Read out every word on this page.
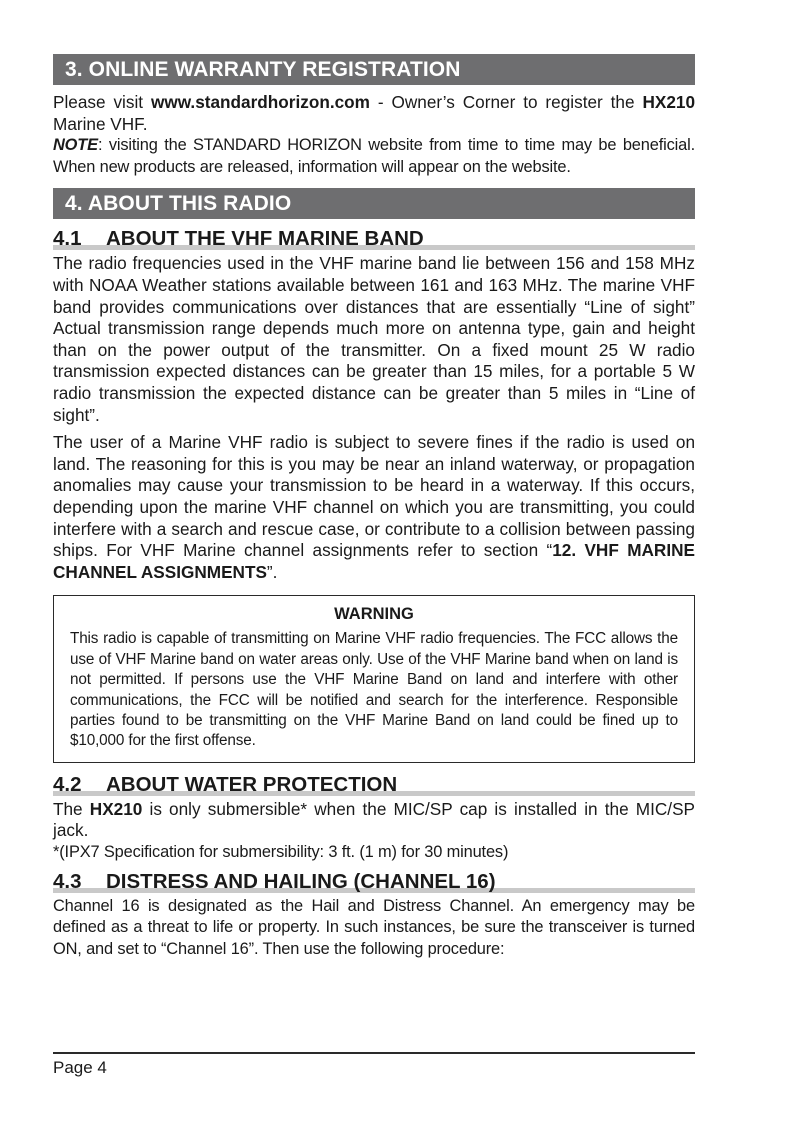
3. ONLINE WARRANTY REGISTRATION

Please visit www.standardhorizon.com - Owner’s Corner to register the HX210 Marine VHF.

NOTE: visiting the STANDARD HORIZON website from time to time may be beneficial. When new products are released, information will appear on the website.

4. ABOUT THIS RADIO
4.1 ABOUT THE VHF MARINE BAND

The radio frequencies used in the VHF marine band lie between 156 and 158 MHz with NOAA Weather stations available between 161 and 163 MHz. The marine VHF band provides communications over distances that are essentially “Line of sight” Actual transmission range depends much more on antenna type, gain and height than on the power output of the transmitter. On a fixed mount 25 W radio transmission expected distances can be greater than 15 miles, for a portable 5 W radio transmission the expected distance can be greater than 5 miles in “Line of sight”.

The user of a Marine VHF radio is subject to severe fines if the radio is used on land. The reasoning for this is you may be near an inland waterway, or propagation anomalies may cause your transmission to be heard in a waterway. If this occurs, depending upon the marine VHF channel on which you are transmitting, you could interfere with a search and rescue case, or contribute to a collision between passing ships. For VHF Marine channel assignments refer to section “12. VHF MARINE CHANNEL ASSIGNMENTS”.

WARNING

This radio is capable of transmitting on Marine VHF radio frequencies. The FCC allows the use of VHF Marine band on water areas only. Use of the VHF Marine band when on land is not permitted. If persons use the VHF Marine Band on land and interfere with other communications, the FCC will be notified and search for the interference. Responsible parties found to be transmitting on the VHF Marine Band on land could be fined up to $10,000 for the first offense.

4.2 ABOUT WATER PROTECTION

The HX210 is only submersible* when the MIC/SP cap is installed in the MIC/SP jack.

*(IPX7 Specification for submersibility: 3 ft. (1 m) for 30 minutes)

4.3 DISTRESS AND HAILING (CHANNEL 16)

Channel 16 is designated as the Hail and Distress Channel. An emergency may be defined as a threat to life or property. In such instances, be sure the transceiver is turned ON, and set to “Channel 16”. Then use the following procedure:

Page 4
